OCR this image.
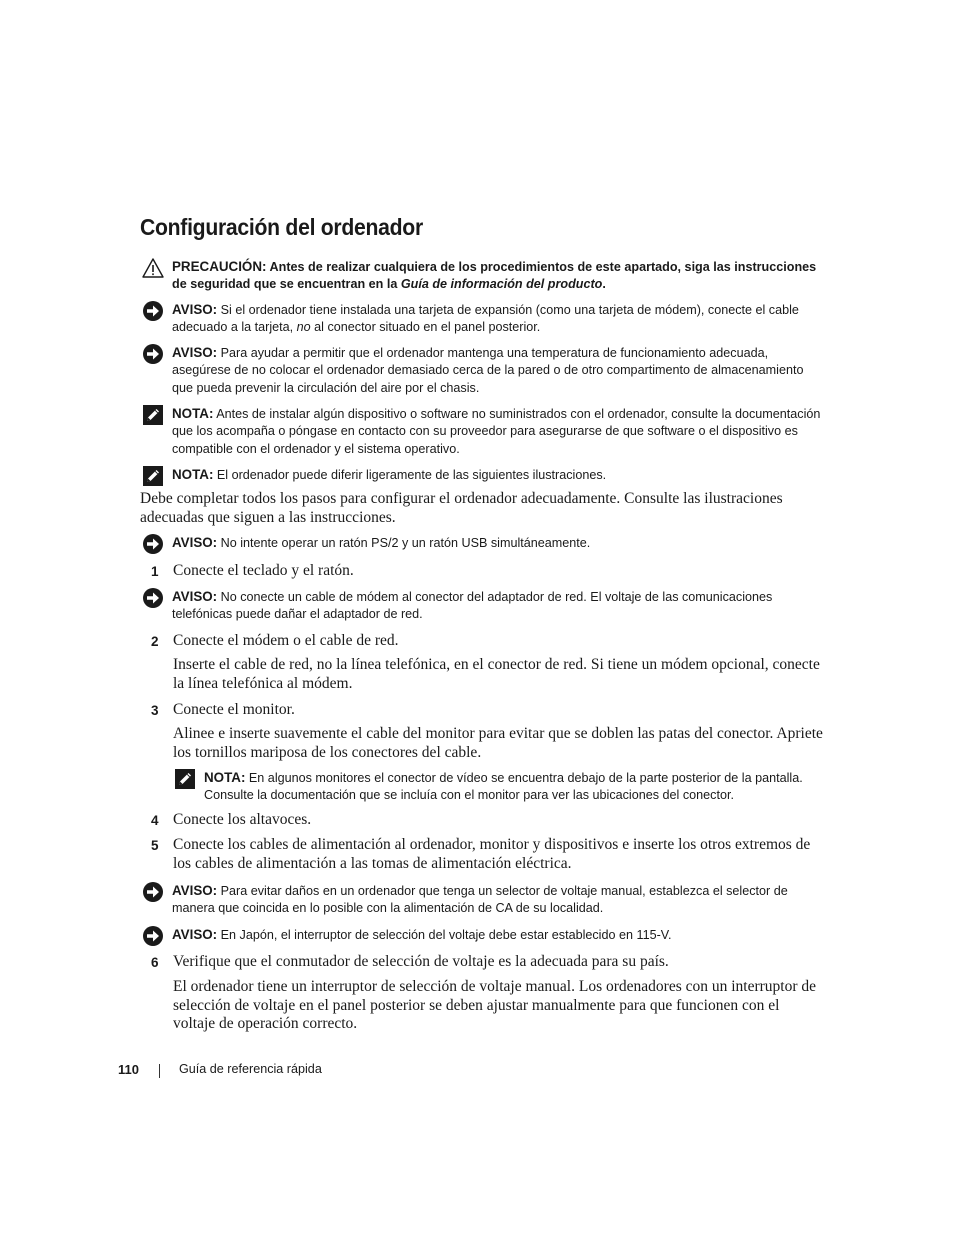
Configuración del ordenador
PRECAUCIÓN: Antes de realizar cualquiera de los procedimientos de este apartado, siga las instrucciones de seguridad que se encuentran en la Guía de información del producto.
AVISO: Si el ordenador tiene instalada una tarjeta de expansión (como una tarjeta de módem), conecte el cable adecuado a la tarjeta, no al conector situado en el panel posterior.
AVISO: Para ayudar a permitir que el ordenador mantenga una temperatura de funcionamiento adecuada, asegúrese de no colocar el ordenador demasiado cerca de la pared o de otro compartimento de almacenamiento que pueda prevenir la circulación del aire por el chasis.
NOTA: Antes de instalar algún dispositivo o software no suministrados con el ordenador, consulte la documentación que los acompaña o póngase en contacto con su proveedor para asegurarse de que software o el dispositivo es compatible con el ordenador y el sistema operativo.
NOTA: El ordenador puede diferir ligeramente de las siguientes ilustraciones.
Debe completar todos los pasos para configurar el ordenador adecuadamente. Consulte las ilustraciones adecuadas que siguen a las instrucciones.
AVISO: No intente operar un ratón PS/2 y un ratón USB simultáneamente.
1 Conecte el teclado y el ratón.
AVISO: No conecte un cable de módem al conector del adaptador de red. El voltaje de las comunicaciones telefónicas puede dañar el adaptador de red.
2 Conecte el módem o el cable de red.
Inserte el cable de red, no la línea telefónica, en el conector de red. Si tiene un módem opcional, conecte la línea telefónica al módem.
3 Conecte el monitor.
Alinee e inserte suavemente el cable del monitor para evitar que se doblen las patas del conector. Apriete los tornillos mariposa de los conectores del cable.
NOTA: En algunos monitores el conector de vídeo se encuentra debajo de la parte posterior de la pantalla. Consulte la documentación que se incluía con el monitor para ver las ubicaciones del conector.
4 Conecte los altavoces.
5 Conecte los cables de alimentación al ordenador, monitor y dispositivos e inserte los otros extremos de los cables de alimentación a las tomas de alimentación eléctrica.
AVISO: Para evitar daños en un ordenador que tenga un selector de voltaje manual, establezca el selector de manera que coincida en lo posible con la alimentación de CA de su localidad.
AVISO: En Japón, el interruptor de selección del voltaje debe estar establecido en 115-V.
6 Verifique que el conmutador de selección de voltaje es la adecuada para su país.
El ordenador tiene un interruptor de selección de voltaje manual. Los ordenadores con un interruptor de selección de voltaje en el panel posterior se deben ajustar manualmente para que funcionen con el voltaje de operación correcto.
110	Guía de referencia rápida
